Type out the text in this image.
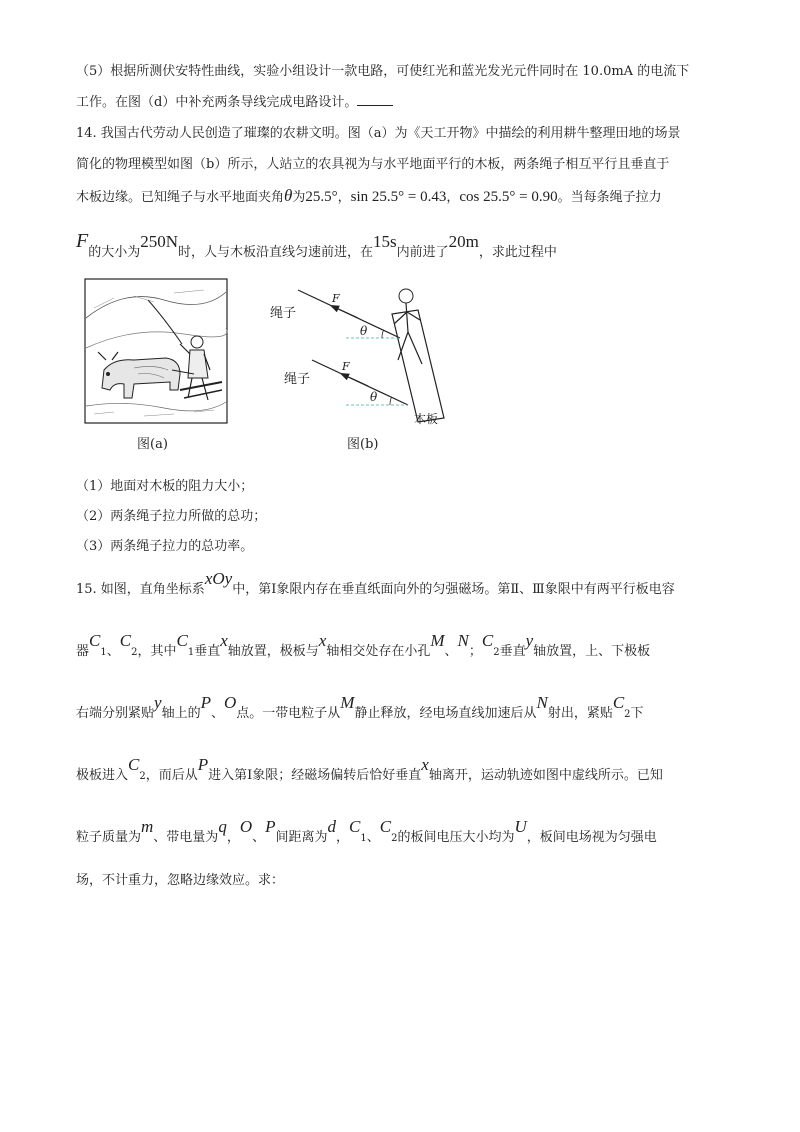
（5）根据所测伏安特性曲线，实验小组设计一款电路，可使红光和蓝光发光元件同时在 10.0mA 的电流下
工作。在图（d）中补充两条导线完成电路设计。
14. 我国古代劳动人民创造了璀璨的农耕文明。图（a）为《天工开物》中描绘的利用耕牛整理田地的场景
简化的物理模型如图（b）所示，人站立的农具视为与水平地面平行的木板，两条绳子相互平行且垂直于
木板边缘。已知绳子与水平地面夹角θ为25.5°，sin 25.5° = 0.43，cos 25.5° = 0.90。当每条绳子拉力
F的大小为250N时，人与木板沿直线匀速前进，在15s内前进了20m，求此过程中
图(a)
绳子
绳子
F
F
θ
θ
木板
图(b)
（1）地面对木板的阻力大小；
（2）两条绳子拉力所做的总功；
（3）两条绳子拉力的总功率。
15. 如图，直角坐标系xOy中，第Ⅰ象限内存在垂直纸面向外的匀强磁场。第Ⅱ、Ⅲ象限中有两平行板电容
器C1、C2，其中C1垂直x轴放置，极板与x轴相交处存在小孔M、N；C2垂直y轴放置，上、下极板
右端分别紧贴y轴上的P、O点。一带电粒子从M静止释放，经电场直线加速后从N射出，紧贴C2下
极板进入C2，而后从P进入第Ⅰ象限；经磁场偏转后恰好垂直x轴离开，运动轨迹如图中虚线所示。已知
粒子质量为m、带电量为q，O、P间距离为d，C1、C2的板间电压大小均为U，板间电场视为匀强电
场，不计重力，忽略边缘效应。求：
